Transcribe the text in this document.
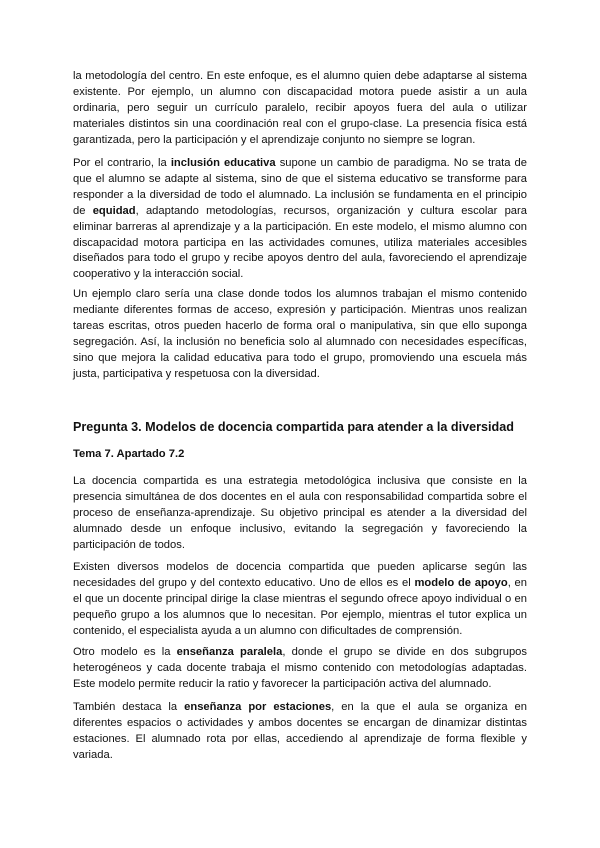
la metodología del centro. En este enfoque, es el alumno quien debe adaptarse al sistema existente. Por ejemplo, un alumno con discapacidad motora puede asistir a un aula ordinaria, pero seguir un currículo paralelo, recibir apoyos fuera del aula o utilizar materiales distintos sin una coordinación real con el grupo-clase. La presencia física está garantizada, pero la participación y el aprendizaje conjunto no siempre se logran.

Por el contrario, la inclusión educativa supone un cambio de paradigma. No se trata de que el alumno se adapte al sistema, sino de que el sistema educativo se transforme para responder a la diversidad de todo el alumnado. La inclusión se fundamenta en el principio de equidad, adaptando metodologías, recursos, organización y cultura escolar para eliminar barreras al aprendizaje y a la participación. En este modelo, el mismo alumno con discapacidad motora participa en las actividades comunes, utiliza materiales accesibles diseñados para todo el grupo y recibe apoyos dentro del aula, favoreciendo el aprendizaje cooperativo y la interacción social.

Un ejemplo claro sería una clase donde todos los alumnos trabajan el mismo contenido mediante diferentes formas de acceso, expresión y participación. Mientras unos realizan tareas escritas, otros pueden hacerlo de forma oral o manipulativa, sin que ello suponga segregación. Así, la inclusión no beneficia solo al alumnado con necesidades específicas, sino que mejora la calidad educativa para todo el grupo, promoviendo una escuela más justa, participativa y respetuosa con la diversidad.

Pregunta 3. Modelos de docencia compartida para atender a la diversidad
Tema 7. Apartado 7.2

La docencia compartida es una estrategia metodológica inclusiva que consiste en la presencia simultánea de dos docentes en el aula con responsabilidad compartida sobre el proceso de enseñanza-aprendizaje. Su objetivo principal es atender a la diversidad del alumnado desde un enfoque inclusivo, evitando la segregación y favoreciendo la participación de todos.

Existen diversos modelos de docencia compartida que pueden aplicarse según las necesidades del grupo y del contexto educativo. Uno de ellos es el modelo de apoyo, en el que un docente principal dirige la clase mientras el segundo ofrece apoyo individual o en pequeño grupo a los alumnos que lo necesitan. Por ejemplo, mientras el tutor explica un contenido, el especialista ayuda a un alumno con dificultades de comprensión.

Otro modelo es la enseñanza paralela, donde el grupo se divide en dos subgrupos heterogéneos y cada docente trabaja el mismo contenido con metodologías adaptadas. Este modelo permite reducir la ratio y favorecer la participación activa del alumnado.

También destaca la enseñanza por estaciones, en la que el aula se organiza en diferentes espacios o actividades y ambos docentes se encargan de dinamizar distintas estaciones. El alumnado rota por ellas, accediendo al aprendizaje de forma flexible y variada.
